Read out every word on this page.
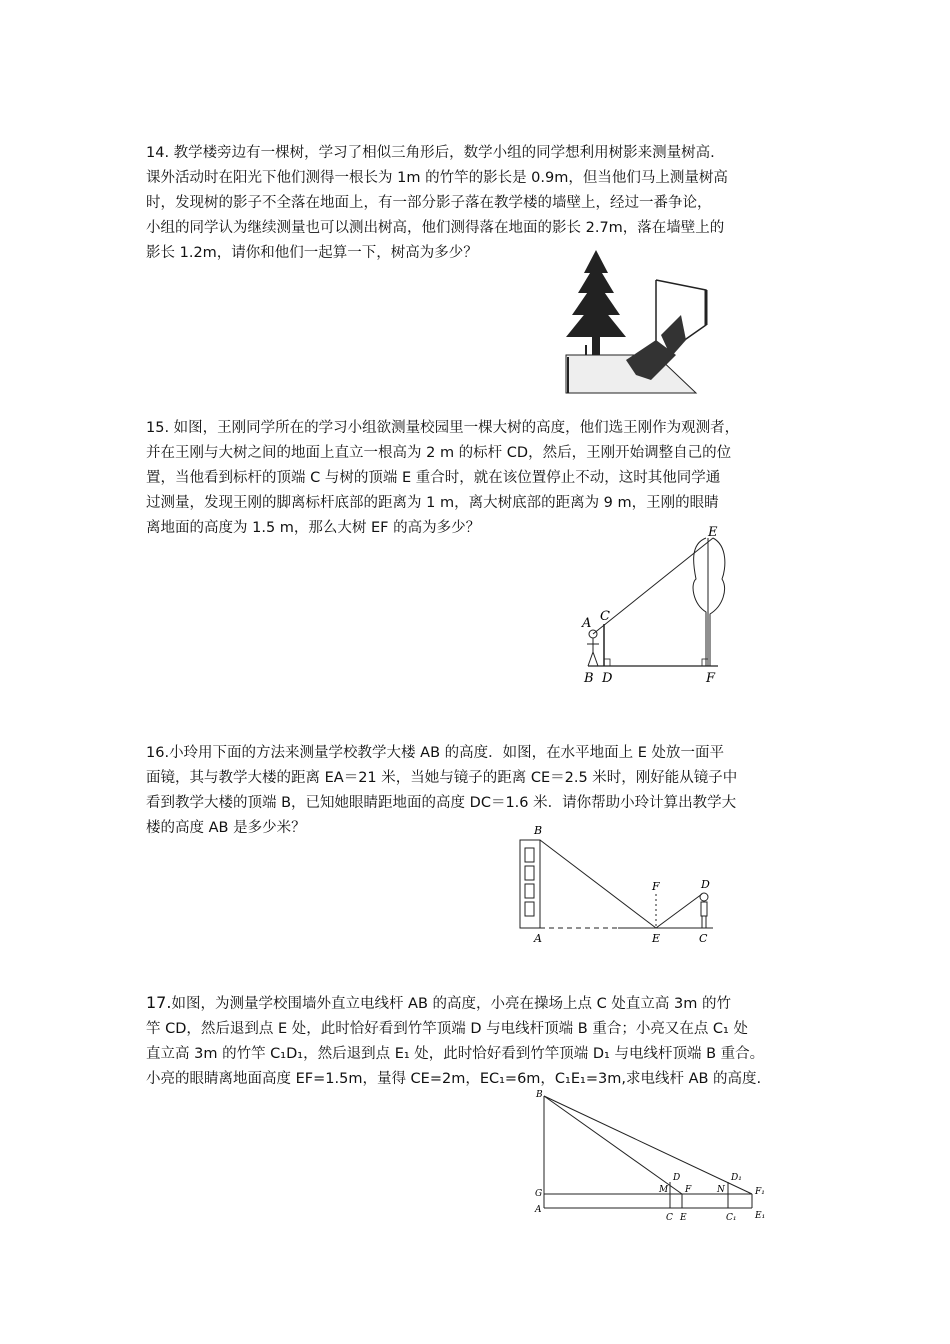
14. 教学楼旁边有一棵树，学习了相似三角形后，数学小组的同学想利用树影来测量树高.

课外活动时在阳光下他们测得一根长为 1m 的竹竿的影长是 0.9m，但当他们马上测量树高

时，发现树的影子不全落在地面上，有一部分影子落在教学楼的墙壁上，经过一番争论，

小组的同学认为继续测量也可以测出树高，他们测得落在地面的影长 2.7m，落在墙壁上的

影长 1.2m，请你和他们一起算一下，树高为多少？

15. 如图，王刚同学所在的学习小组欲测量校园里一棵大树的高度，他们选王刚作为观测者，

并在王刚与大树之间的地面上直立一根高为 2 m 的标杆 CD，然后，王刚开始调整自己的位

置，当他看到标杆的顶端 C 与树的顶端 E 重合时，就在该位置停止不动，这时其他同学通

过测量，发现王刚的脚离标杆底部的距离为 1 m，离大树底部的距离为 9 m，王刚的眼睛

离地面的高度为 1.5 m，那么大树 EF 的高为多少？	E
A C
B D	F

16.小玲用下面的方法来测量学校教学大楼 AB 的高度．如图，在水平地面上 E 处放一面平

面镜，其与教学大楼的距离 EA＝21 米，当她与镜子的距离 CE＝2.5 米时，刚好能从镜子中

看到教学大楼的顶端 B，已知她眼睛距地面的高度 DC＝1.6 米．请你帮助小玲计算出教学大

楼的高度 AB 是多少米？	B
F	D
A	E	C

17.如图，为测量学校围墙外直立电线杆 AB 的高度，小亮在操场上点 C 处直立高 3m 的竹

竿 CD，然后退到点 E 处，此时恰好看到竹竿顶端 D 与电线杆顶端 B 重合；小亮又在点 C₁ 处

直立高 3m 的竹竿 C₁D₁，然后退到点 E₁ 处，此时恰好看到竹竿顶端 D₁ 与电线杆顶端 B 重合。

小亮的眼睛离地面高度 EF=1.5m，量得 CE=2m，EC₁=6m，C₁E₁=3m,求电线杆 AB 的高度.

B
G
A
M
D
F	N
D₁
F₁
C E	C₁ E₁
